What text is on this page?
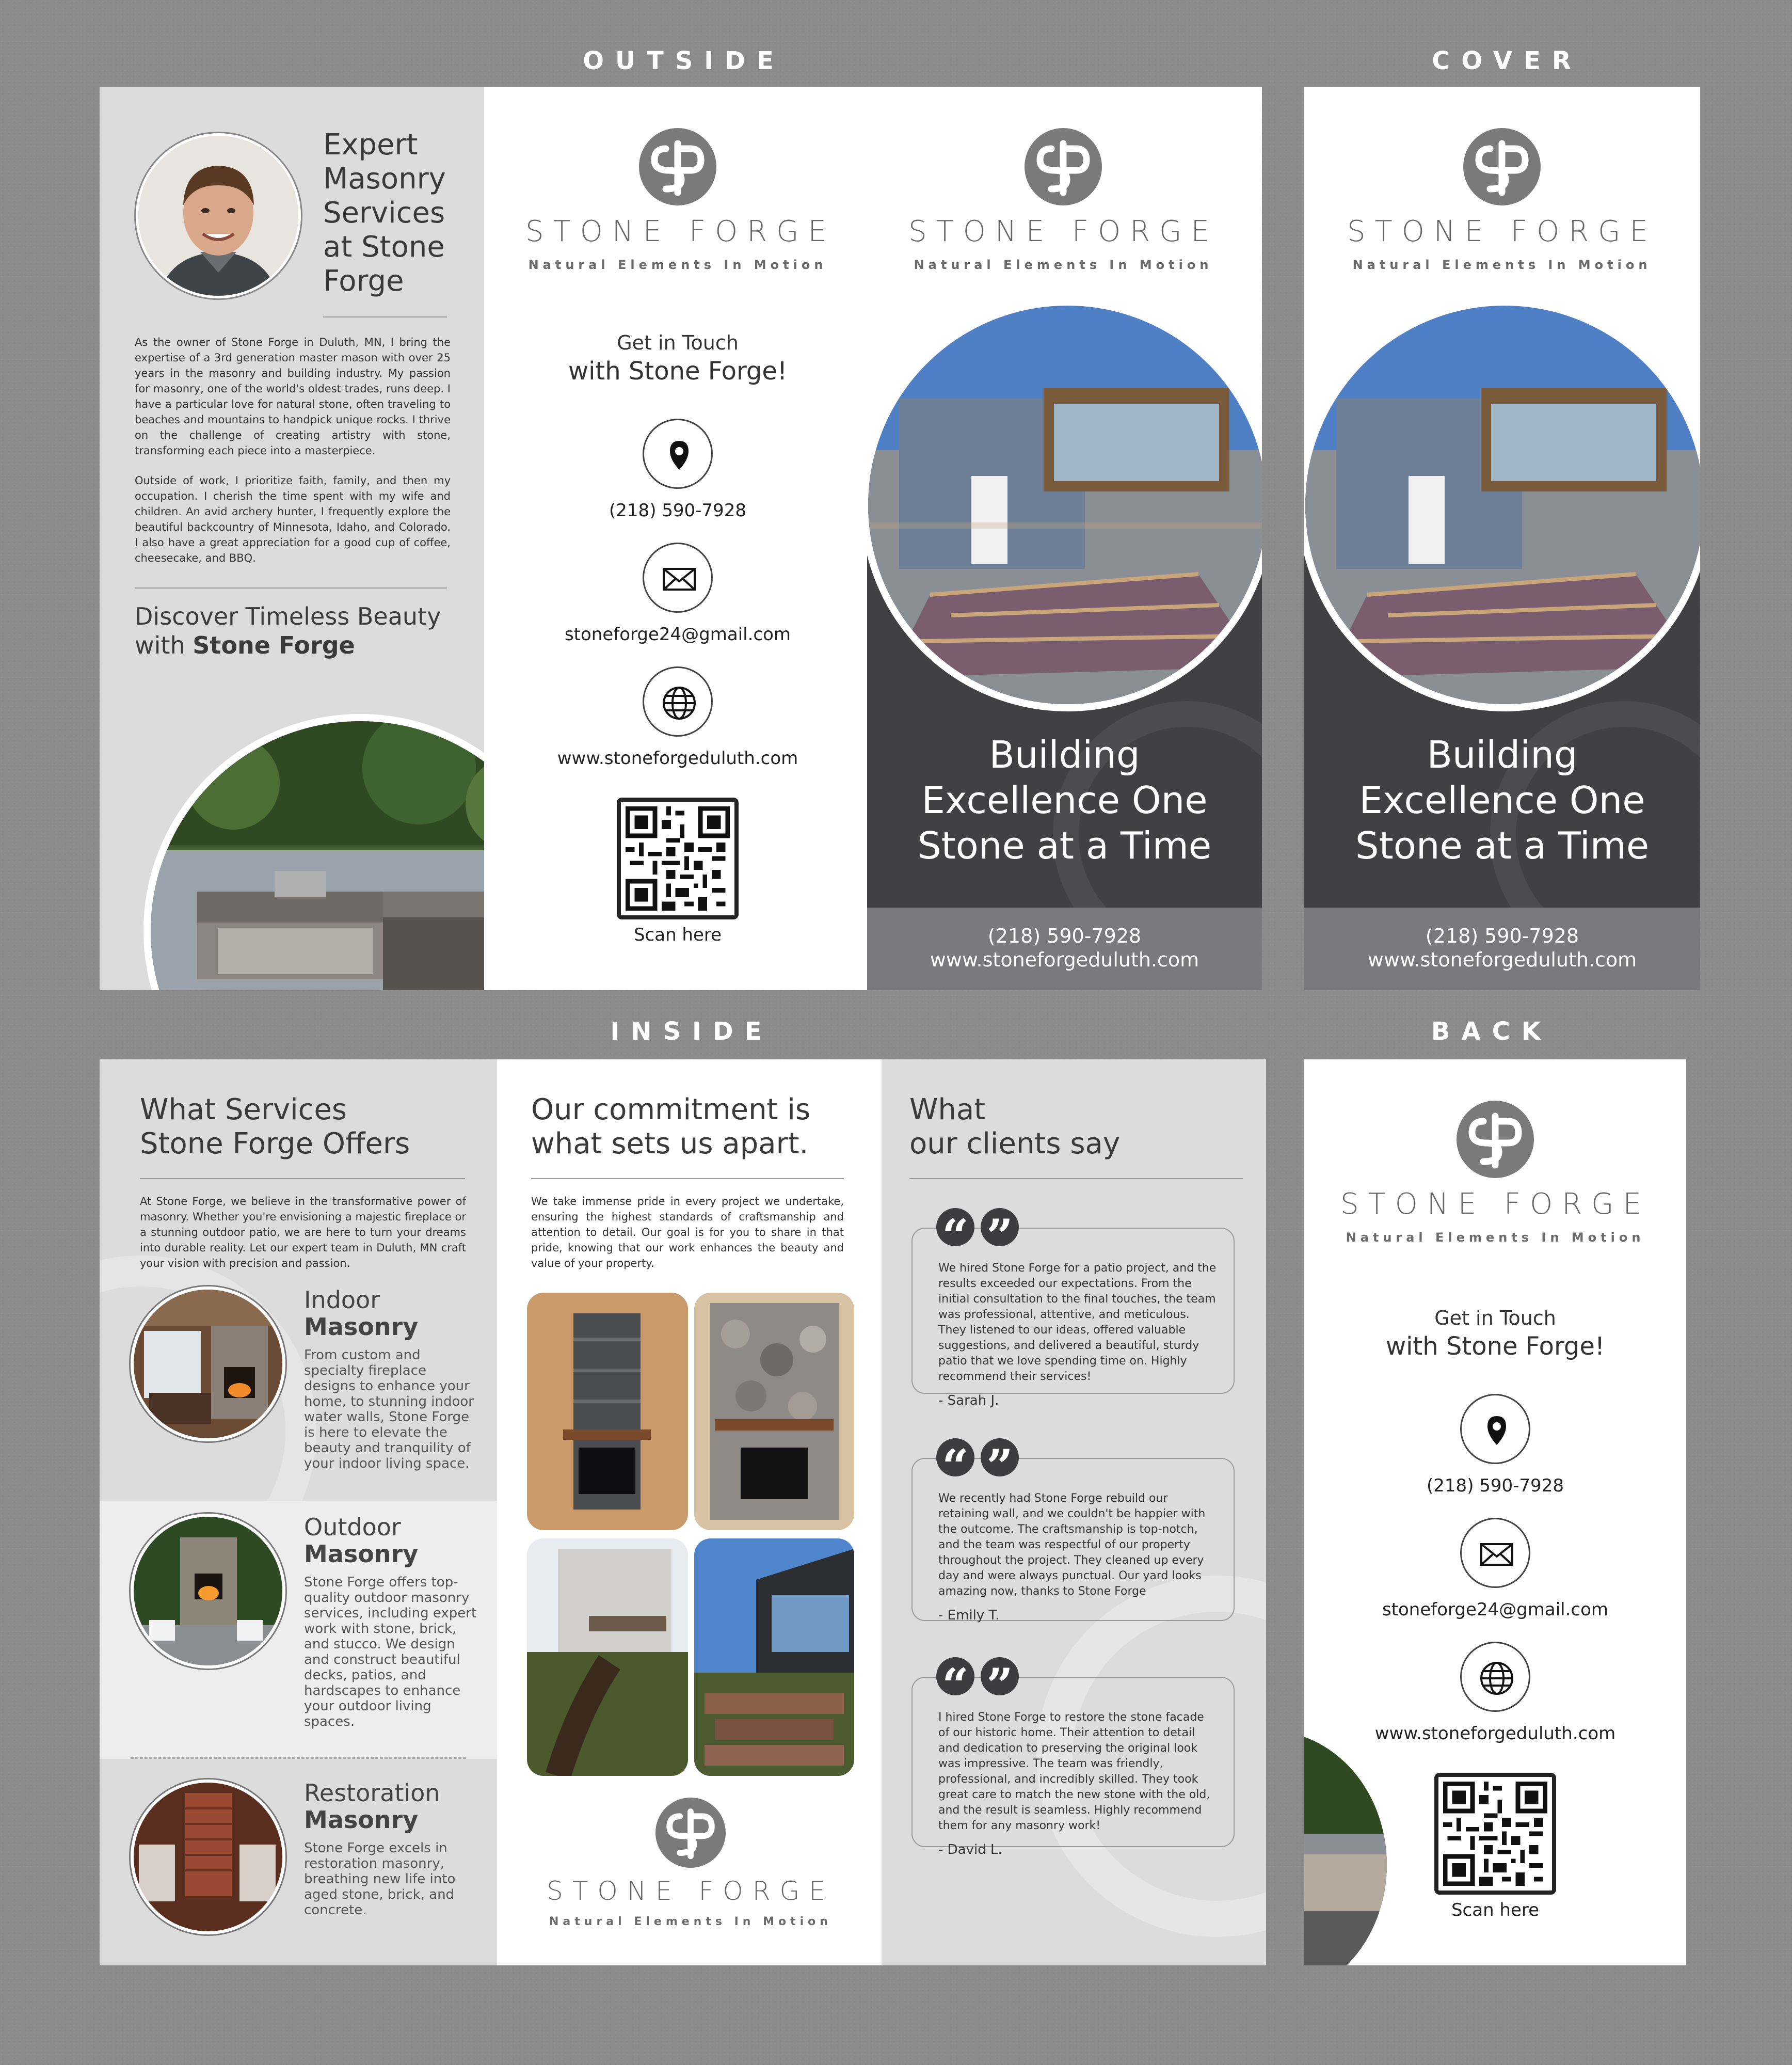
OUTSIDE	COVER
INSIDE	BACK
Expert Masonry Services at Stone Forge

As the owner of Stone Forge in Duluth, MN, I bring the expertise of a 3rd generation master mason with over 25 years in the masonry and building industry. My passion for masonry, one of the world's oldest trades, runs deep. I have a particular love for natural stone, often traveling to beaches and mountains to handpick unique rocks. I thrive on the challenge of creating artistry with stone, transforming each piece into a masterpiece.

Outside of work, I prioritize faith, family, and then my occupation. I cherish the time spent with my wife and children. An avid archery hunter, I frequently explore the beautiful backcountry of Minnesota, Idaho, and Colorado. I also have a great appreciation for a good cup of coffee, cheesecake, and BBQ.

Discover Timeless Beauty
with Stone Forge
STONE FORGE
Natural Elements In Motion
Get in Touch
with Stone Forge!
(218) 590-7928
stoneforge24@gmail.com
www.stoneforgeduluth.com
Scan here
STONE FORGE
Natural Elements In Motion
Building
Excellence One
Stone at a Time
(218) 590-7928
www.stoneforgeduluth.com
STONE FORGE
Natural Elements In Motion
Building
Excellence One
Stone at a Time
(218) 590-7928
www.stoneforgeduluth.com
What Services
Stone Forge Offers

At Stone Forge, we believe in the transformative power of masonry. Whether you're envisioning a majestic fireplace or a stunning outdoor patio, we are here to turn your dreams into durable reality. Let our expert team in Duluth, MN craft your vision with precision and passion.

Indoor
Masonry
From custom and specialty fireplace designs to enhance your home, to stunning indoor water walls, Stone Forge is here to elevate the beauty and tranquility of your indoor living space.
Outdoor
Masonry
Stone Forge offers top-quality outdoor masonry services, including expert work with stone, brick, and stucco. We design and construct beautiful decks, patios, and hardscapes to enhance your outdoor living spaces.
Restoration
Masonry
Stone Forge excels in restoration masonry, breathing new life into aged stone, brick, and concrete.
Our commitment is
what sets us apart.

We take immense pride in every project we undertake, ensuring the highest standards of craftsmanship and attention to detail. Our goal is for you to share in that pride, knowing that our work enhances the beauty and value of your property.

STONE FORGE
Natural Elements In Motion
What
our clients say
“ ”
We hired Stone Forge for a patio project, and the results exceeded our expectations. From the initial consultation to the final touches, the team was professional, attentive, and meticulous. They listened to our ideas, offered valuable suggestions, and delivered a beautiful, sturdy patio that we love spending time on. Highly recommend their services!
- Sarah J.
“ ”
We recently had Stone Forge rebuild our retaining wall, and we couldn't be happier with the outcome. The craftsmanship is top-notch, and the team was respectful of our property throughout the project. They cleaned up every day and were always punctual. Our yard looks amazing now, thanks to Stone Forge
- Emily T.
“ ”
I hired Stone Forge to restore the stone facade of our historic home. Their attention to detail and dedication to preserving the original look was impressive. The team was friendly, professional, and incredibly skilled. They took great care to match the new stone with the old, and the result is seamless. Highly recommend them for any masonry work!
- David L.
STONE FORGE
Natural Elements In Motion
Get in Touch
with Stone Forge!
(218) 590-7928
stoneforge24@gmail.com
www.stoneforgeduluth.com
Scan here
